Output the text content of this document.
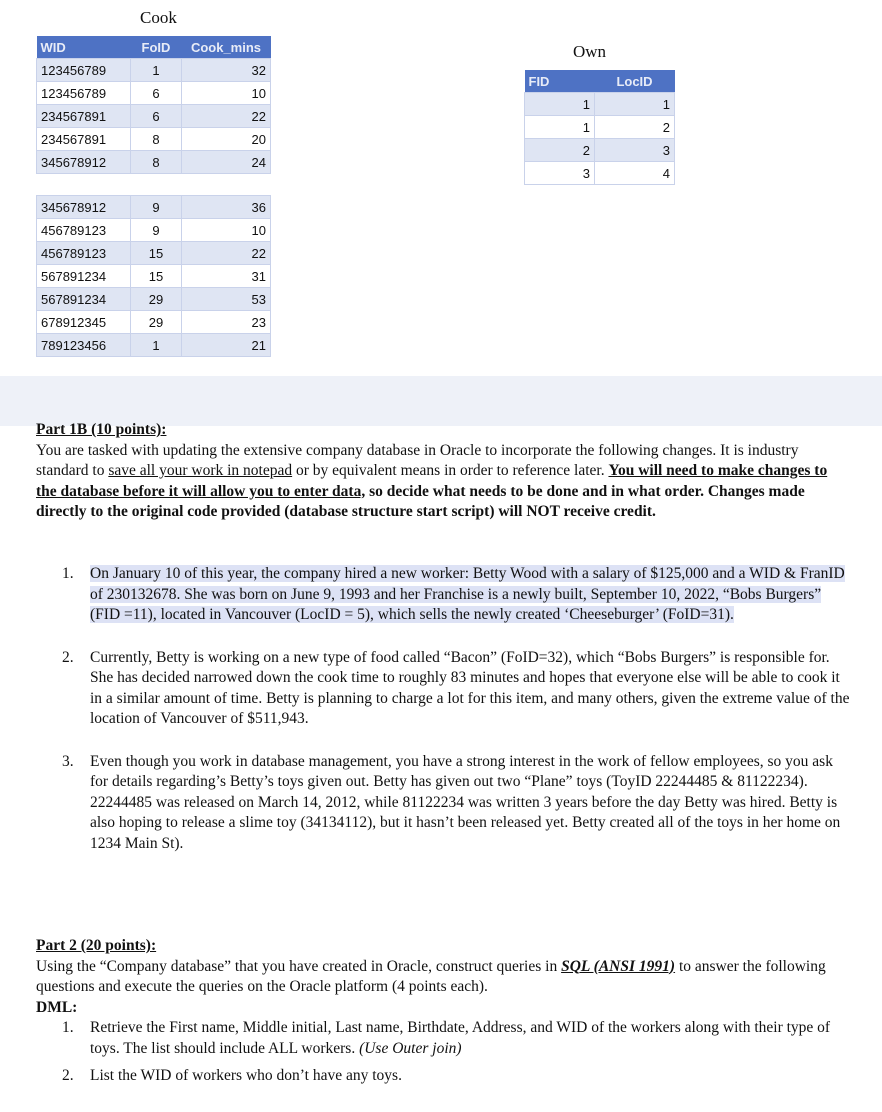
Cook
WID	FoID	Cook_mins
123456789	1	32
123456789	6	10
234567891	6	22
234567891	8	20
345678912	8	24
345678912	9	36
456789123	9	10
456789123	15	22
567891234	15	31
567891234	29	53
678912345	29	23
789123456	1	21
Own
FID	LocID
1	1
1	2
2	3
3	4
Part 1B (10 points):
You are tasked with updating the extensive company database in Oracle to incorporate the following changes. It is industry standard to save all your work in notepad or by equivalent means in order to reference later. You will need to make changes to the database before it will allow you to enter data, so decide what needs to be done and in what order. Changes made directly to the original code provided (database structure start script) will NOT receive credit.
1. On January 10 of this year, the company hired a new worker: Betty Wood with a salary of $125,000 and a WID & FranID of 230132678. She was born on June 9, 1993 and her Franchise is a newly built, September 10, 2022, “Bobs Burgers” (FID =11), located in Vancouver (LocID = 5), which sells the newly created ‘Cheeseburger’ (FoID=31).
2. Currently, Betty is working on a new type of food called “Bacon” (FoID=32), which “Bobs Burgers” is responsible for. She has decided narrowed down the cook time to roughly 83 minutes and hopes that everyone else will be able to cook it in a similar amount of time. Betty is planning to charge a lot for this item, and many others, given the extreme value of the location of Vancouver of $511,943.
3. Even though you work in database management, you have a strong interest in the work of fellow employees, so you ask for details regarding’s Betty’s toys given out. Betty has given out two “Plane” toys (ToyID 22244485 & 81122234). 22244485 was released on March 14, 2012, while 81122234 was written 3 years before the day Betty was hired. Betty is also hoping to release a slime toy (34134112), but it hasn’t been released yet. Betty created all of the toys in her home on 1234 Main St).
Part 2 (20 points):
Using the “Company database” that you have created in Oracle, construct queries in SQL (ANSI 1991) to answer the following questions and execute the queries on the Oracle platform (4 points each).
DML:
1. Retrieve the First name, Middle initial, Last name, Birthdate, Address, and WID of the workers along with their type of toys. The list should include ALL workers. (Use Outer join)
2. List the WID of workers who don’t have any toys.
